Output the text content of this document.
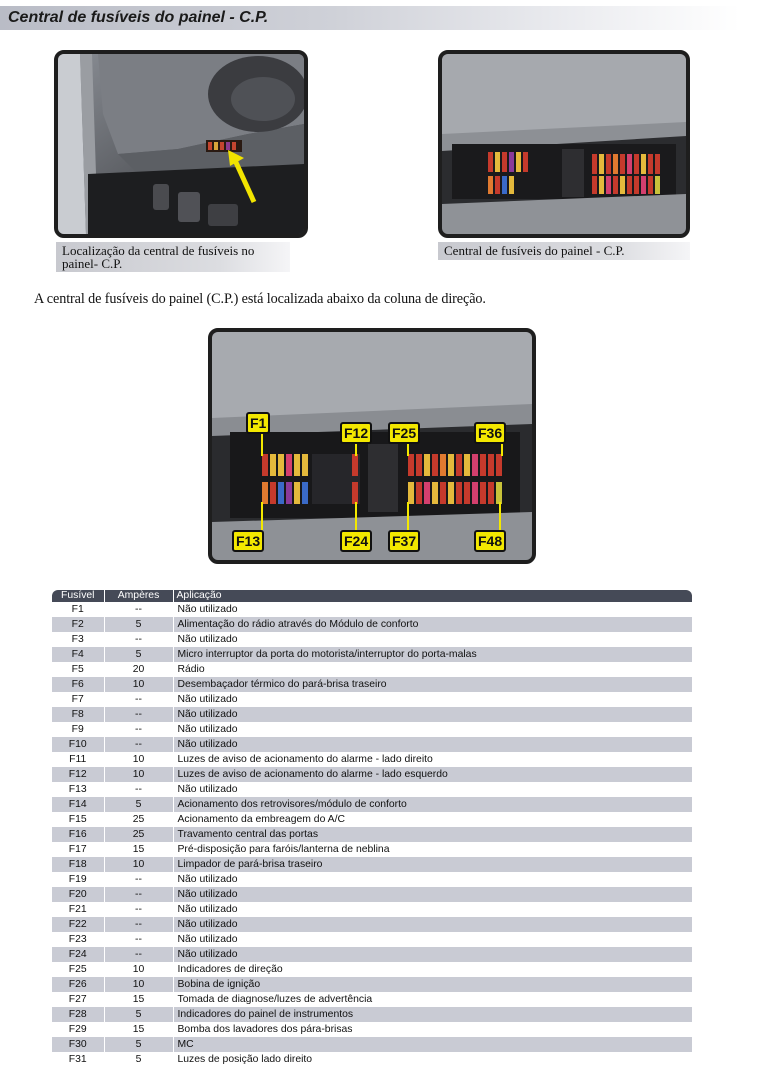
Central de fusíveis do painel - C.P.
Localização da central de fusíveis no painel- C.P.
Central de fusíveis do painel - C.P.
A central de fusíveis do painel (C.P.) está localizada abaixo da coluna de direção.
F1
F12 F25	F36
F13	F24 F37	F48
Fusível	Ampères	Aplicação
F1	--	Não utilizado
F2	5	Alimentação do rádio através do Módulo de conforto
F3	--	Não utilizado
F4	5	Micro interruptor da porta do motorista/interruptor do porta-malas
F5	20	Rádio
F6	10	Desembaçador térmico do pará-brisa traseiro
F7	--	Não utilizado
F8	--	Não utilizado
F9	--	Não utilizado
F10	--	Não utilizado
F11	10	Luzes de aviso de acionamento do alarme - lado direito
F12	10	Luzes de aviso de acionamento do alarme - lado esquerdo
F13	--	Não utilizado
F14	5	Acionamento dos retrovisores/módulo de conforto
F15	25	Acionamento da embreagem do A/C
F16	25	Travamento central das portas
F17	15	Pré-disposição para faróis/lanterna de neblina
F18	10	Limpador de pará-brisa traseiro
F19	--	Não utilizado
F20	--	Não utilizado
F21	--	Não utilizado
F22	--	Não utilizado
F23	--	Não utilizado
F24	--	Não utilizado
F25	10	Indicadores de direção
F26	10	Bobina de ignição
F27	15	Tomada de diagnose/luzes de advertência
F28	5	Indicadores do painel de instrumentos
F29	15	Bomba dos lavadores dos pára-brisas
F30	5	MC
F31	5	Luzes de posição lado direito
